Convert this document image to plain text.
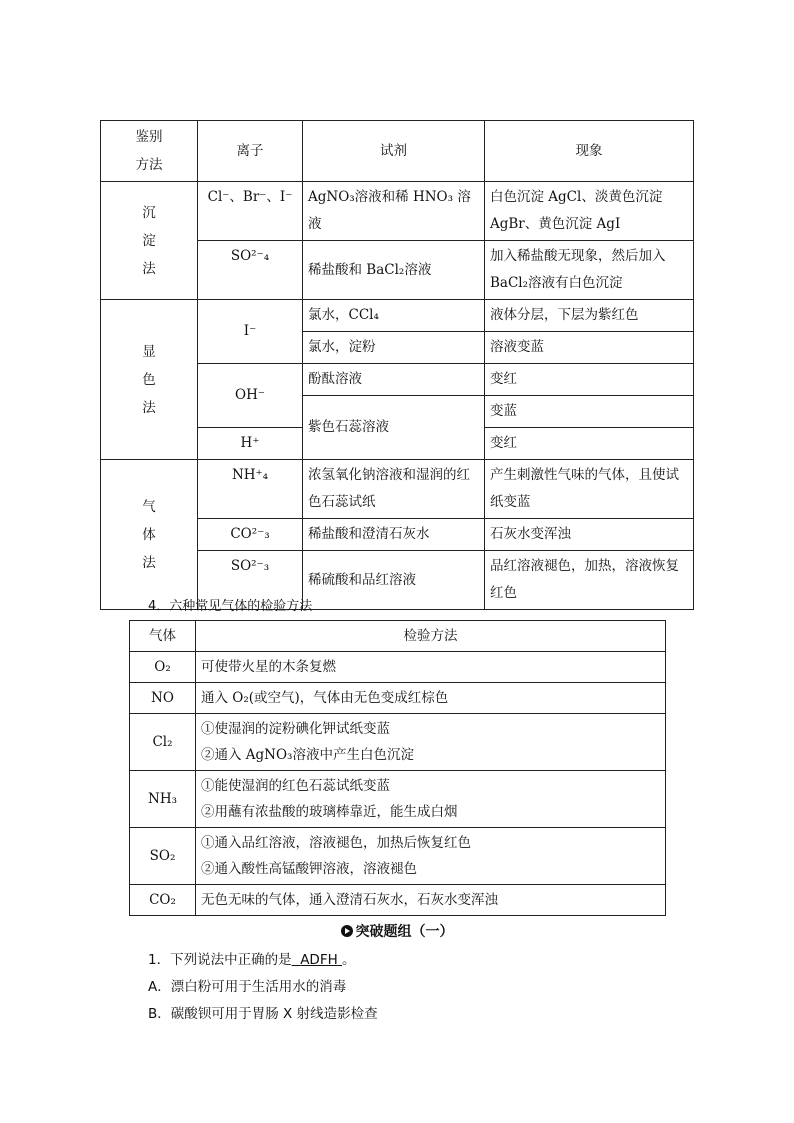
鉴别
方法	离子	试剂	现象
沉
淀
法	Cl⁻、Br⁻、I⁻	AgNO₃溶液和稀 HNO₃ 溶液	白色沉淀 AgCl、淡黄色沉淀 AgBr、黄色沉淀 AgI
	SO²⁻₄	稀盐酸和 BaCl₂溶液	加入稀盐酸无现象，然后加入 BaCl₂溶液有白色沉淀
显
色
法	I⁻	氯水，CCl₄	液体分层，下层为紫红色
		氯水，淀粉	溶液变蓝
	OH⁻	酚酞溶液	变红
		紫色石蕊溶液	变蓝
	H⁺		变红
气
体
法	NH⁺₄	浓氢氧化钠溶液和湿润的红色石蕊试纸	产生刺激性气味的气体，且使试纸变蓝
	CO²⁻₃	稀盐酸和澄清石灰水	石灰水变浑浊
	SO²⁻₃	稀硫酸和品红溶液	品红溶液褪色，加热，溶液恢复红色
4．六种常见气体的检验方法
气体	检验方法
O₂	可使带火星的木条复燃
NO	通入 O₂(或空气)，气体由无色变成红棕色
Cl₂	①使湿润的淀粉碘化钾试纸变蓝
②通入 AgNO₃溶液中产生白色沉淀

NH₃	①能使湿润的红色石蕊试纸变蓝
②用蘸有浓盐酸的玻璃棒靠近，能生成白烟

SO₂	①通入品红溶液，溶液褪色，加热后恢复红色
②通入酸性高锰酸钾溶液，溶液褪色

CO₂	无色无味的气体，通入澄清石灰水，石灰水变浑浊
突破题组（一）
1．下列说法中正确的是 ADFH 。
A．漂白粉可用于生活用水的消毒
B．碳酸钡可用于胃肠 X 射线造影检查
